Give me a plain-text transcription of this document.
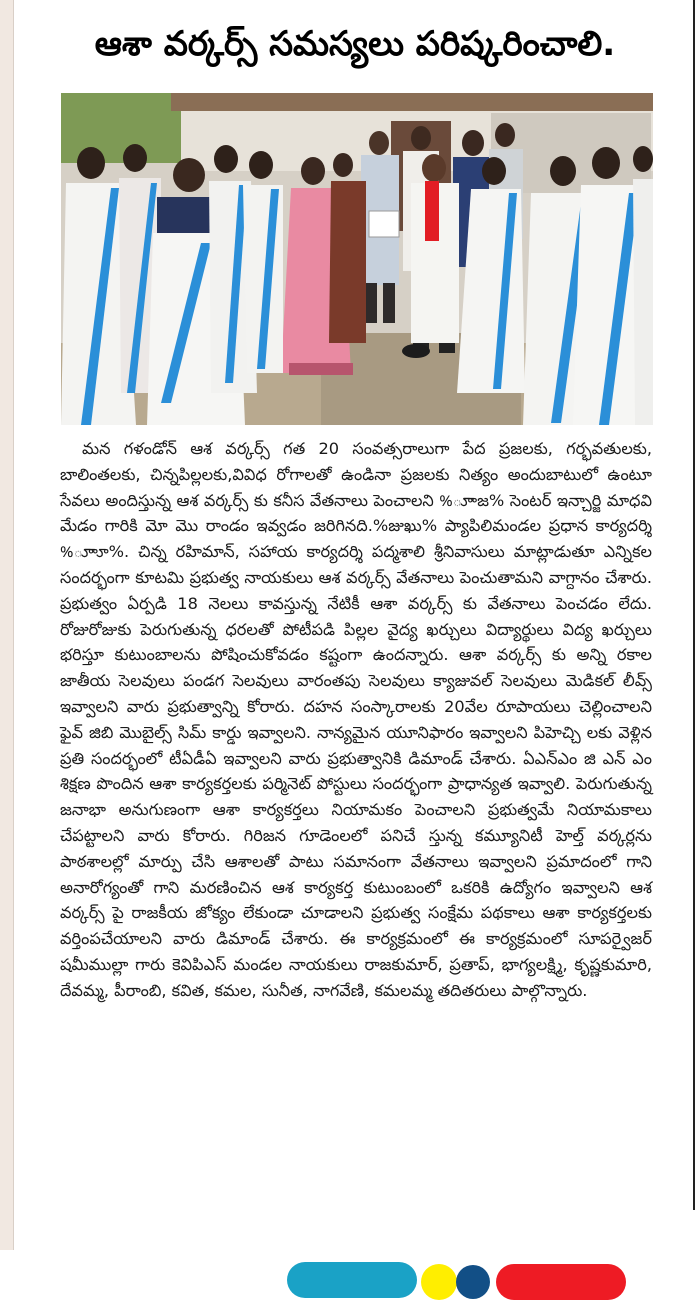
ఆశా వర్కర్స్ సమస్యలు పరిష్కరించాలి.

మన గళండోన్ ఆశ వర్కర్స్ గత 20 సంవత్సరాలుగా పేద ప్రజలకు, గర్భవతులకు, బాలింతలకు, చిన్నపిల్లలకు,వివిధ రోగాలతో ఉండినా ప్రజలకు నిత్యం అందుబాటులో ఉంటూ సేవలు అందిస్తున్న ఆశ వర్కర్స్ కు కనీస వేతనాలు పెంచాలని %ూాజ% సెంటర్ ఇన్చార్జి మాధవి మేడం గారికి మో మొ రాండం ఇవ్వడం జరిగినది.%జుఖు% ప్యాపిలిమండల ప్రధాన కార్యదర్శి %ూాూ%. చిన్న రహిమాన్, సహాయ కార్యదర్శి పద్మశాలి శ్రీనివాసులు మాట్లాడుతూ ఎన్నికల సందర్భంగా కూటమి ప్రభుత్వ నాయకులు ఆశ వర్కర్స్ వేతనాలు పెంచుతామని వాగ్దానం చేశారు. ప్రభుత్వం ఏర్పడి 18 నెలలు కావస్తున్న నేటికీ ఆశా వర్కర్స్ కు వేతనాలు పెంచడం లేదు. రోజురోజుకు పెరుగుతున్న ధరలతో పోటీపడి పిల్లల వైద్య ఖర్చులు విద్యార్థులు విద్య ఖర్చులు భరిస్తూ కుటుంబాలను పోషించుకోవడం కష్టంగా ఉందన్నారు. ఆశా వర్కర్స్ కు అన్ని రకాల జాతీయ సెలవులు పండగ సెలవులు వారంతపు సెలవులు క్యాజువల్ సెలవులు మెడికల్ లీవ్స్ ఇవ్వాలని వారు ప్రభుత్వాన్ని కోరారు. దహన సంస్కారాలకు 20వేల రూపాయలు చెల్లించాలని ఫైవ్ జిబి మొబైల్స్ సిమ్ కార్డు ఇవ్వాలని. నాన్యమైన యూనిఫారం ఇవ్వాలని పిహెచ్చి లకు వెళ్లిన ప్రతి సందర్భంలో టీఏడీఏ ఇవ్వాలని వారు ప్రభుత్వానికి డిమాండ్ చేశారు. ఏఎన్ఎం జి ఎన్ ఎం శిక్షణ పొందిన ఆశా కార్యకర్తలకు పర్మినెట్ పోస్టులు సందర్భంగా ప్రాధాన్యత ఇవ్వాలి. పెరుగుతున్న జనాభా అనుగుణంగా ఆశా కార్యకర్తలు నియామకం పెంచాలని ప్రభుత్వమే నియామకాలు చేపట్టాలని వారు కోరారు. గిరిజన గూడెంలలో పనిచే స్తున్న కమ్యూనిటీ హెల్త్ వర్కర్లను పాఠశాలల్లో మార్పు చేసి ఆశాలతో పాటు సమానంగా వేతనాలు ఇవ్వాలని ప్రమాదంలో గాని అనారోగ్యంతో గాని మరణించిన ఆశ కార్యకర్త కుటుంబంలో ఒకరికి ఉద్యోగం ఇవ్వాలని ఆశ వర్కర్స్ పై రాజకీయ జోక్యం లేకుండా చూడాలని ప్రభుత్వ సంక్షేమ పథకాలు ఆశా కార్యకర్తలకు వర్తింపచేయాలని వారు డిమాండ్ చేశారు. ఈ కార్యక్రమంలో ఈ కార్యక్రమంలో సూపర్వైజర్ షమీముల్లా గారు కెవిపిఎస్ మండల నాయకులు రాజకుమార్, ప్రతాప్, భాగ్యలక్ష్మి, కృష్ణకుమారి, దేవమ్మ, పీరాంబి, కవిత, కమల, సునీత, నాగవేణి, కమలమ్మ తదితరులు పాల్గొన్నారు.
